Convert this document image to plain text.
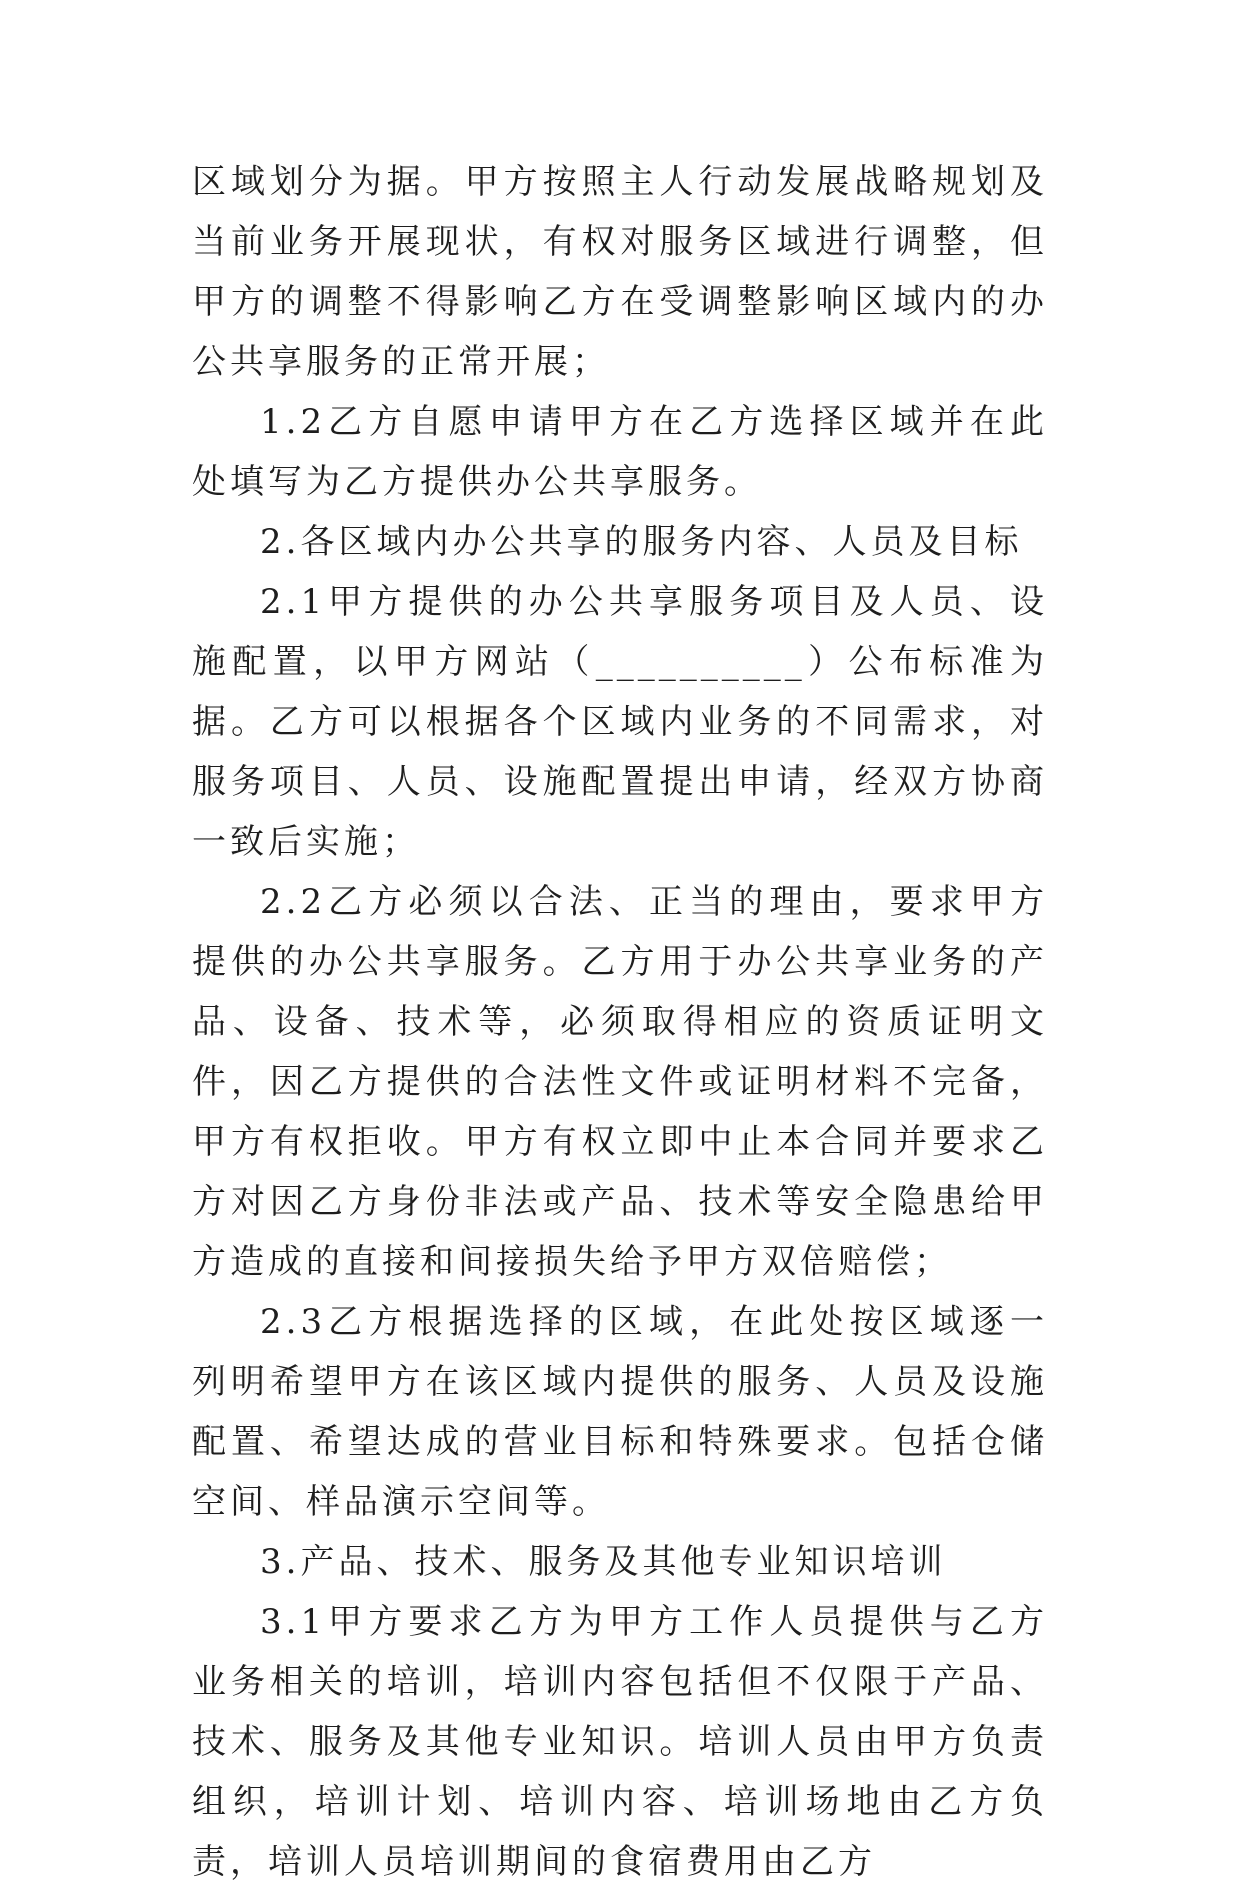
区域划分为据。甲方按照主人行动发展战略规划及当前业务开展现状，有权对服务区域进行调整，但甲方的调整不得影响乙方在受调整影响区域内的办公共享服务的正常开展；

1.2乙方自愿申请甲方在乙方选择区域并在此处填写为乙方提供办公共享服务。

2.各区域内办公共享的服务内容、人员及目标

2.1甲方提供的办公共享服务项目及人员、设施配置，以甲方网站（__________）公布标准为据。乙方可以根据各个区域内业务的不同需求，对服务项目、人员、设施配置提出申请，经双方协商一致后实施；

2.2乙方必须以合法、正当的理由，要求甲方提供的办公共享服务。乙方用于办公共享业务的产品、设备、技术等，必须取得相应的资质证明文件，因乙方提供的合法性文件或证明材料不完备，甲方有权拒收。甲方有权立即中止本合同并要求乙方对因乙方身份非法或产品、技术等安全隐患给甲方造成的直接和间接损失给予甲方双倍赔偿；

2.3乙方根据选择的区域，在此处按区域逐一列明希望甲方在该区域内提供的服务、人员及设施配置、希望达成的营业目标和特殊要求。包括仓储空间、样品演示空间等。

3.产品、技术、服务及其他专业知识培训

3.1甲方要求乙方为甲方工作人员提供与乙方业务相关的培训，培训内容包括但不仅限于产品、技术、服务及其他专业知识。培训人员由甲方负责组织，培训计划、培训内容、培训场地由乙方负责，培训人员培训期间的食宿费用由乙方
